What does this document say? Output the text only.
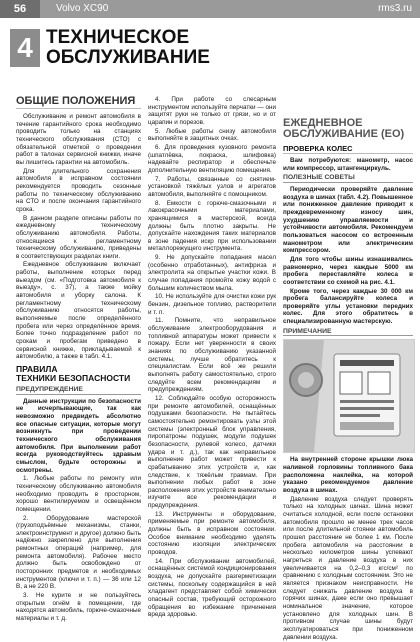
56	Volvo XC90	rms3.ru
4 ТЕХНИЧЕСКОЕ
ОБСЛУЖИВАНИЕ
ОБЩИЕ ПОЛОЖЕНИЯ

Обслуживание и ремонт автомобиля в течение гарантийного срока необходимо проводить только на станциях технического обслуживания (СТО) с обязательной отметкой о проведении работ в талонах сервисной книжки, иначе вы лишитесь гарантии на автомобиль.

Для длительного сохранения автомобиля в исправном состоянии рекомендуется проводить сезонные работы по техническому обслуживанию на СТО и после окончания гарантийного срока.

В данном разделе описаны работы по ежедневному техническому обслуживанию автомобиля. Работы, относящиеся к регламентному техническому обслуживанию, приведены в соответствующих разделах книги.

Ежедневное обслуживание включает работы, выполнение которых перед выездом (см. «Подготовка автомобиля к выезду», с. 37), а также мойку автомобиля и уборку салона. К регламентному техническому обслуживанию относятся работы, выполняемые после определённого пробега или через определённое время. Более точно подразделение работ по срокам и пробегам приведено в сервисной книжке, прикладываемой к автомобилю, а также в табл. 4.1.

ПРАВИЛА
ТЕХНИКИ БЕЗОПАСНОСТИ
ПРЕДУПРЕЖДЕНИЕ

Данные инструкции по безопасности не исчерпывающие, так как невозможно предвидеть абсолютно все опасные ситуации, которые могут возникнуть при проведении технического обслуживания автомобиля. При выполнении работ всегда руководствуйтесь здравым смыслом, будьте осторожны и осмотрены.

1. Любые работы по ремонту или техническому обслуживанию автомобиля необходимо проводить в просторном, хорошо вентилируемом и освещённом помещении.

2. Оборудование мастерской (грузоподъёмные механизмы, станки, электроинструмент и другое) должно быть надёжно закреплено для выполнения ремонтных операций (например, для ремонта автомобиля). Рабочее место должно быть освобождено от посторонних предметов и необходимых инструментов (ключи и т. п.) — 36 или 12 В, а не 220 В.

3. Не курите и не пользуйтесь открытым огнём в помещении, где находятся автомобиль, горюче-смазочные материалы и т. д.

4. При работе со слесарным инструментом используйте перчатки — они защитят руки не только от грязи, но и от царапин и порезов.

5. Любые работы снизу автомобиля выполняйте в защитных очках.

6. Для проведения кузовного ремонта (шпатлёвка, покраска, шлифовка) надевайте респиратор и обеспечьте дополнительную вентиляцию помещения.

7. Работы, связанные со снятием-установкой тяжёлых узлов и агрегатов автомобиля, выполняйте с помощником.

8. Емкости с горюче-смазочными и лакокрасочными материалами, хранящимися в мастерской, всегда должны быть плотно закрыты. Не допускайте нахождения таких материалов в зоне падения искр при использовании металлорежущего инструмента.

9. Не допускайте попадания масел (особенно отработанных), антифриза и электролита на открытые участки кожи. В случае попадания промойте кожу водой с большим количеством мыла.

10. Не используйте для очистки кожи рук бензин, дизельное топливо, растворители и т. п.

11. Помните, что неправильное обслуживание электрооборудования и топливной аппаратуры может привести к пожару. Если нет уверенности в своих знаниях по обслуживанию указанной системы, лучше обратитесь к специалистам. Если всё же решили выполнять работу самостоятельно, строго следуйте всем рекомендациям и предупреждениям.

12. Соблюдайте особую осторожность при ремонте автомобилей, оснащённых подушками безопасности. Не пытайтесь самостоятельно ремонтировать узлы этой системы (электронный блок управления, пиропатроны подушек, модули подушек безопасности, рулевой колесо, датчики удара и т. д.), так как неправильное выполнение работ может привести к срабатыванию этих устройств и, как следствие, к тяжёлым травмам. При выполнении любых работ в зоне расположения этих устройств внимательно изучите все рекомендации и предупреждения.

13. Инструменты и оборудование, применяемые при ремонте автомобиля, должны быть в исправном состоянии. Особое внимание необходимо уделять состоянию изоляции электрических проводов.

14. При обслуживании автомобилей, оснащённых системой кондиционирования воздуха, не допускайте разгерметизации системы, поскольку содержащийся в ней хладагент представляет собой химически опасный состав, требующий осторожного обращения во избежание причинения вреда здоровью.

ЕЖЕДНЕВНОЕ
ОБСЛУЖИВАНИЕ (ЕО)
ПРОВЕРКА КОЛЕС

Вам потребуются: манометр, насос или компрессор, штангенциркуль.

ПОЛЕЗНЫЕ СОВЕТЫ

Периодически проверяйте давление воздуха в шинах (табл. 4.2). Повышенное или пониженное давление приводит к преждевременному износу шин, ухудшению управляемости и устойчивости автомобиля. Рекомендуем пользоваться насосом со встроенным манометром или электрическим компрессором.

Для того чтобы шины изнашивались равномерно, через каждые 5000 км пробега переставляйте колеса в соответствии со схемой на рис. 4.1.

Кроме того, через каждые 30 000 км пробега балансируйте колеса и проверяйте углы установки передних колес. Для этого обратитесь в специализированную мастерскую.

ПРИМЕЧАНИЕ

На внутренней стороне крышки люка наливной горловины топливного бака расположена наклейка, на которой указано рекомендуемое давление воздуха в шинах.

Давление воздуха следует проверять только на холодных шинах. Шина может считаться холодной, если после остановки автомобиля прошло не менее трех часов или после длительной стоянки автомобиль прошел расстояние не более 1 км. После пробега автомобиля на расстоянии в несколько километров шины успевают нагреться и давление воздуха в них увеличивается на 0,2–0,3 кгс/см² по сравнению с холодным состоянием. Это не является признаком неисправности. Не следует снижать давление воздуха в горячих шинах, даже если оно превышает номинальное значение, которое установлено для холодных шин. В противном случае шины будут эксплуатироваться при пониженном давлении воздуха.
